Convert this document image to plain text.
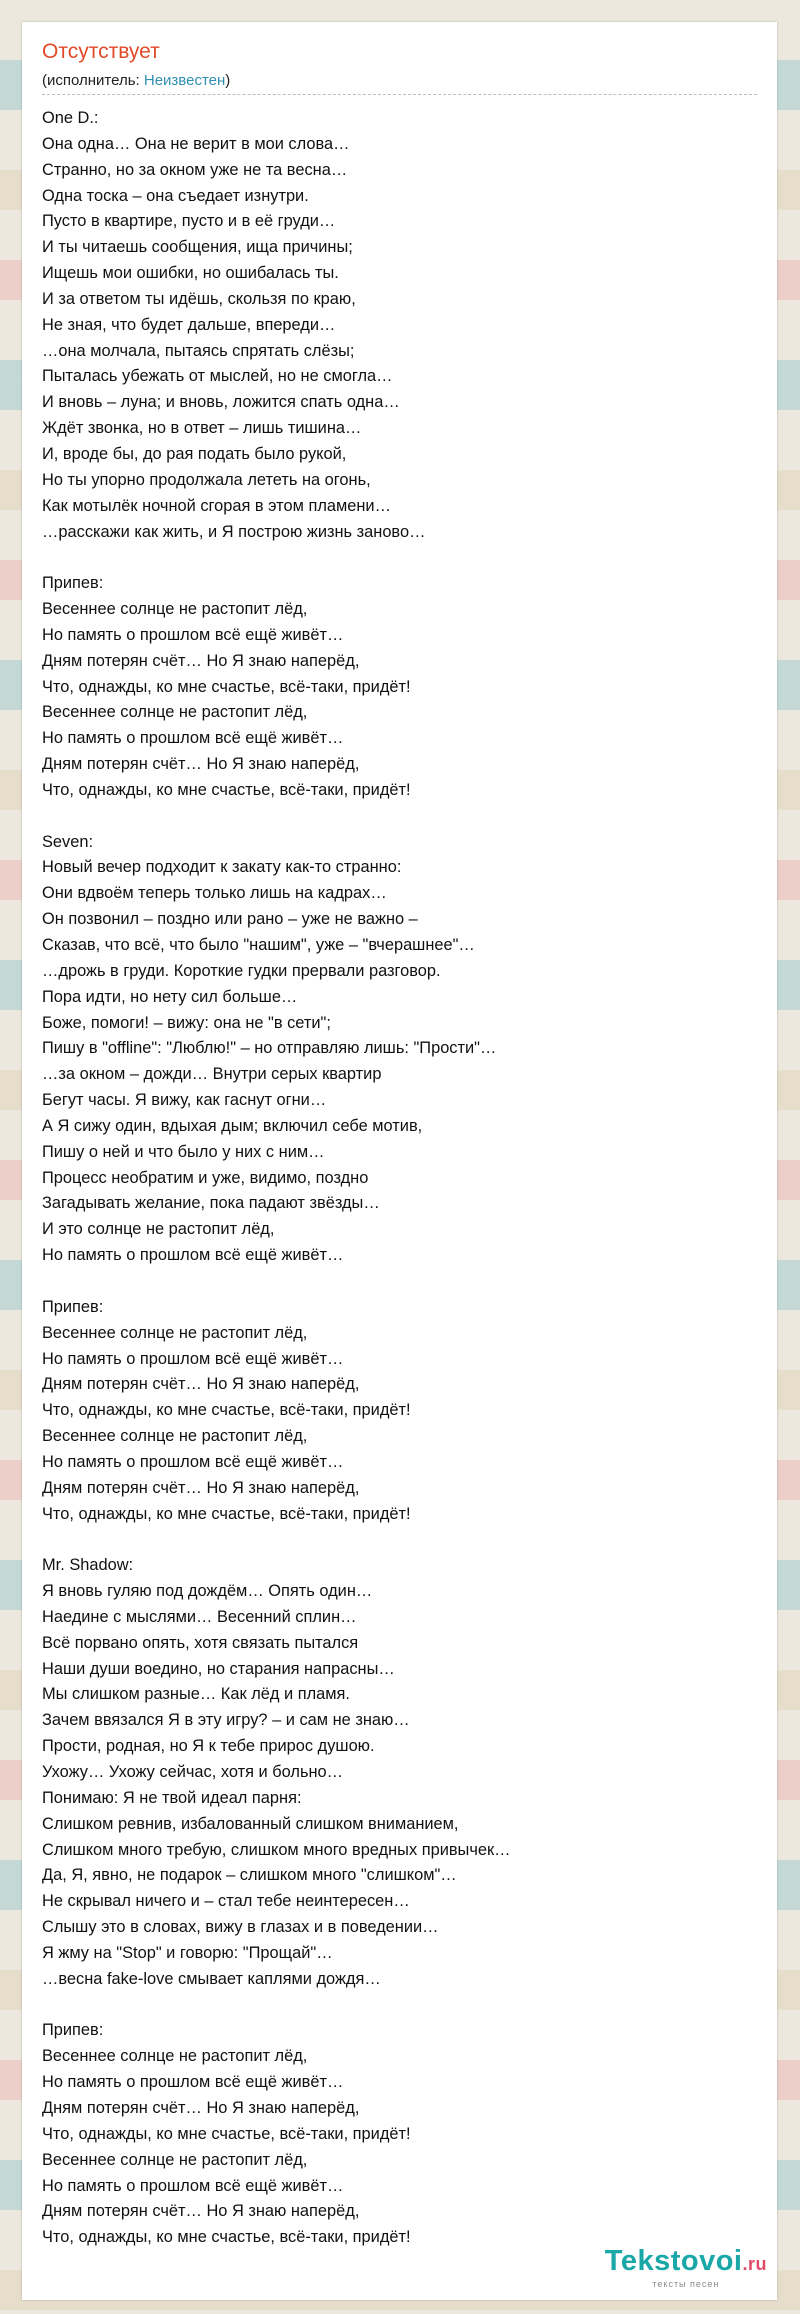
Отсутствует
(исполнитель: Неизвестен)
One D.:
Она одна… Она не верит в мои слова…
Странно, но за окном уже не та весна…
Одна тоска – она съедает изнутри.
Пусто в квартире, пусто и в её груди…
И ты читаешь сообщения, ища причины;
Ищешь мои ошибки, но ошибалась ты.
И за ответом ты идёшь, скользя по краю,
Не зная, что будет дальше, впереди…
…она молчала, пытаясь спрятать слёзы;
Пыталась убежать от мыслей, но не смогла…
И вновь – луна; и вновь, ложится спать одна…
Ждёт звонка, но в ответ – лишь тишина…
И, вроде бы, до рая подать было рукой,
Но ты упорно продолжала лететь на огонь,
Как мотылёк ночной сгорая в этом пламени…
…расскажи как жить, и Я построю жизнь заново…
Припев:
Весеннее солнце не растопит лёд,
Но память о прошлом всё ещё живёт…
Дням потерян счёт… Но Я знаю наперёд,
Что, однажды, ко мне счастье, всё-таки, придёт!
Весеннее солнце не растопит лёд,
Но память о прошлом всё ещё живёт…
Дням потерян счёт… Но Я знаю наперёд,
Что, однажды, ко мне счастье, всё-таки, придёт!
Seven:
Новый вечер подходит к закату как-то странно:
Они вдвоём теперь только лишь на кадрах…
Он позвонил – поздно или рано – уже не важно –
Сказав, что всё, что было "нашим", уже – "вчерашнее"…
…дрожь в груди. Короткие гудки прервали разговор.
Пора идти, но нету сил больше…
Боже, помоги! – вижу: она не "в сети";
Пишу в "offline": "Люблю!" – но отправляю лишь: "Прости"…
…за окном – дожди… Внутри серых квартир
Бегут часы. Я вижу, как гаснут огни…
А Я сижу один, вдыхая дым; включил себе мотив,
Пишу о ней и что было у них с ним…
Процесс необратим и уже, видимо, поздно
Загадывать желание, пока падают звёзды…
И это солнце не растопит лёд,
Но память о прошлом всё ещё живёт…
Припев:
Весеннее солнце не растопит лёд,
Но память о прошлом всё ещё живёт…
Дням потерян счёт… Но Я знаю наперёд,
Что, однажды, ко мне счастье, всё-таки, придёт!
Весеннее солнце не растопит лёд,
Но память о прошлом всё ещё живёт…
Дням потерян счёт… Но Я знаю наперёд,
Что, однажды, ко мне счастье, всё-таки, придёт!
Mr. Shadow:
Я вновь гуляю под дождём… Опять один…
Наедине с мыслями… Весенний сплин…
Всё порвано опять, хотя связать пытался
Наши души воедино, но старания напрасны…
Мы слишком разные… Как лёд и пламя.
Зачем ввязался Я в эту игру? – и сам не знаю…
Прости, родная, но Я к тебе прирос душою.
Ухожу… Ухожу сейчас, хотя и больно…
Понимаю: Я не твой идеал парня:
Слишком ревнив, избалованный слишком вниманием,
Слишком много требую, слишком много вредных привычек…
Да, Я, явно, не подарок – слишком много "слишком"…
Не скрывал ничего и – стал тебе неинтересен…
Слышу это в словах, вижу в глазах и в поведении…
Я жму на "Stop" и говорю: "Прощай"…
…весна fake-love смывает каплями дождя…
Припев:
Весеннее солнце не растопит лёд,
Но память о прошлом всё ещё живёт…
Дням потерян счёт… Но Я знаю наперёд,
Что, однажды, ко мне счастье, всё-таки, придёт!
Весеннее солнце не растопит лёд,
Но память о прошлом всё ещё живёт…
Дням потерян счёт… Но Я знаю наперёд,
Что, однажды, ко мне счастье, всё-таки, придёт!
Tekstovoi.ru
тексты песен
